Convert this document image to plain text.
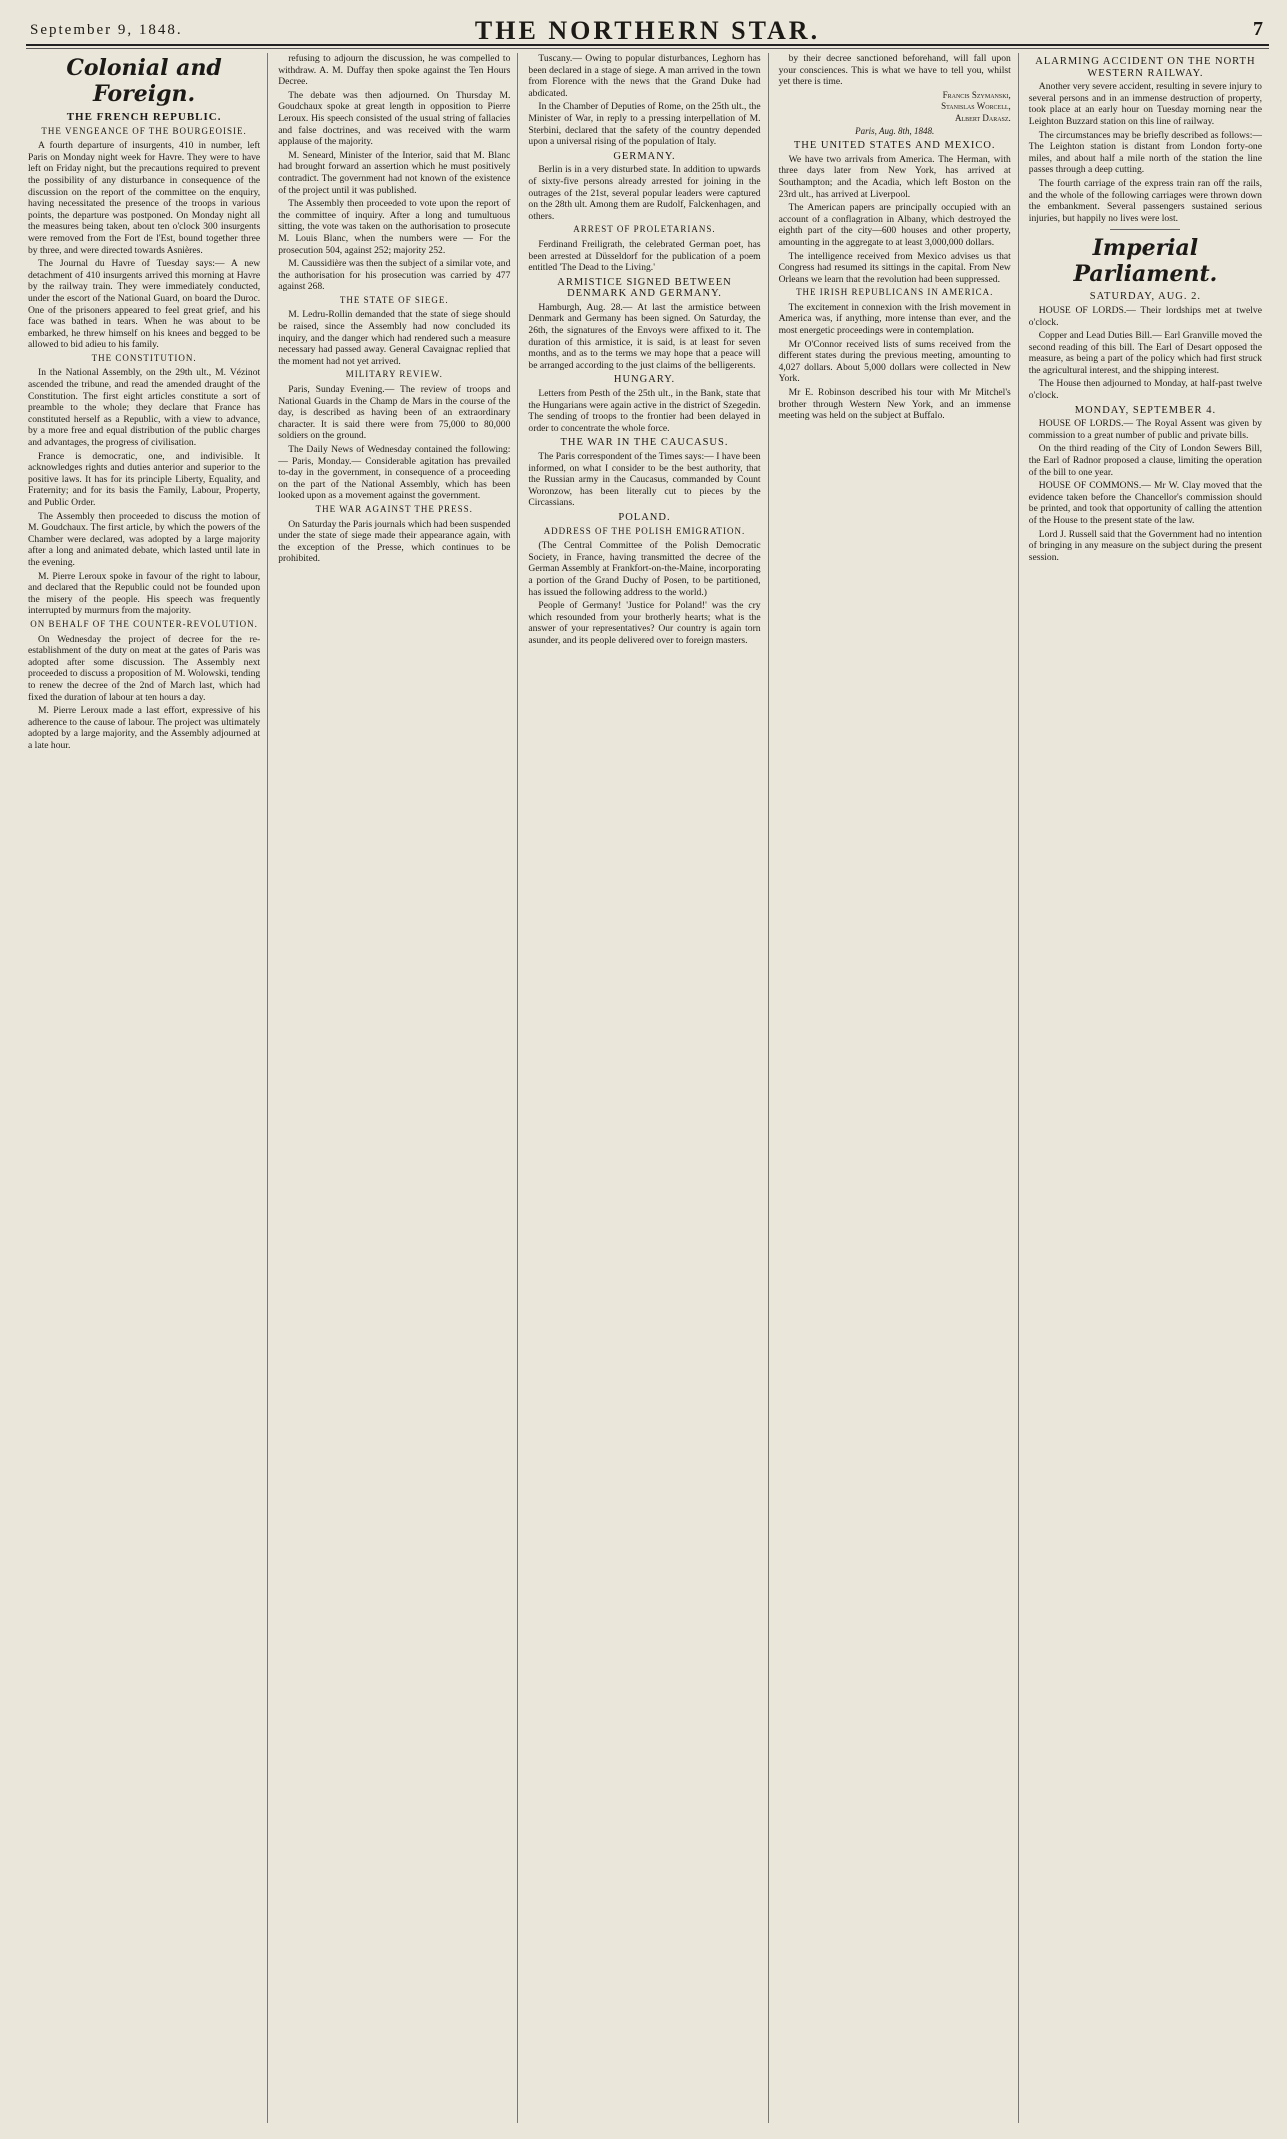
September 9, 1848.	THE NORTHERN STAR.	7
Colonial and Foreign.
THE FRENCH REPUBLIC.
THE VENGEANCE OF THE BOURGEOISIE.

A fourth departure of insurgents, 410 in number, left Paris on Monday night week for Havre. They were to have left on Friday night, but the precautions required to prevent the possibility of any disturbance in consequence of the discussion on the report of the committee on the enquiry, having necessitated the presence of the troops in various points, the departure was postponed. On Monday night all the measures being taken, about ten o'clock 300 insurgents were removed from the Fort de l'Est, bound together three by three, and were directed towards Asnières.

The Journal du Havre of Tuesday says:— A new detachment of 410 insurgents arrived this morning at Havre by the railway train. They were immediately conducted, under the escort of the National Guard, on board the Duroc. One of the prisoners appeared to feel great grief, and his face was bathed in tears. When he was about to be embarked, he threw himself on his knees and begged to be allowed to bid adieu to his family.

THE CONSTITUTION.

In the National Assembly, on the 29th ult., M. Vézinot ascended the tribune, and read the amended draught of the Constitution. The first eight articles constitute a sort of preamble to the whole; they declare that France has constituted herself as a Republic, with a view to advance, by a more free and equal distribution of the public charges and advantages, the progress of civilisation.

France is democratic, one, and indivisible. It acknowledges rights and duties anterior and superior to the positive laws. It has for its principle Liberty, Equality, and Fraternity; and for its basis the Family, Labour, Property, and Public Order.

The Assembly then proceeded to discuss the motion of M. Goudchaux. The first article, by which the powers of the Chamber were declared, was adopted by a large majority after a long and animated debate, which lasted until late in the evening.

M. Pierre Leroux spoke in favour of the right to labour, and declared that the Republic could not be founded upon the misery of the people. His speech was frequently interrupted by murmurs from the majority.

ON BEHALF OF THE COUNTER-REVOLUTION.

On Wednesday the project of decree for the re-establishment of the duty on meat at the gates of Paris was adopted after some discussion. The Assembly next proceeded to discuss a proposition of M. Wolowski, tending to renew the decree of the 2nd of March last, which had fixed the duration of labour at ten hours a day.

M. Pierre Leroux made a last effort, expressive of his adherence to the cause of labour. The project was ultimately adopted by a large majority, and the Assembly adjourned at a late hour.

refusing to adjourn the discussion, he was compelled to withdraw. A. M. Duffay then spoke against the Ten Hours Decree.

The debate was then adjourned. On Thursday M. Goudchaux spoke at great length in opposition to Pierre Leroux. His speech consisted of the usual string of fallacies and false doctrines, and was received with the warm applause of the majority.

M. Seneard, Minister of the Interior, said that M. Blanc had brought forward an assertion which he must positively contradict. The government had not known of the existence of the project until it was published.

The Assembly then proceeded to vote upon the report of the committee of inquiry. After a long and tumultuous sitting, the vote was taken on the authorisation to prosecute M. Louis Blanc, when the numbers were — For the prosecution 504, against 252; majority 252.

M. Caussidière was then the subject of a similar vote, and the authorisation for his prosecution was carried by 477 against 268.

THE STATE OF SIEGE.

M. Ledru-Rollin demanded that the state of siege should be raised, since the Assembly had now concluded its inquiry, and the danger which had rendered such a measure necessary had passed away. General Cavaignac replied that the moment had not yet arrived.

MILITARY REVIEW.

Paris, Sunday Evening.— The review of troops and National Guards in the Champ de Mars in the course of the day, is described as having been of an extraordinary character. It is said there were from 75,000 to 80,000 soldiers on the ground.

The Daily News of Wednesday contained the following:— Paris, Monday.— Considerable agitation has prevailed to-day in the government, in consequence of a proceeding on the part of the National Assembly, which has been looked upon as a movement against the government.

THE WAR AGAINST THE PRESS.

On Saturday the Paris journals which had been suspended under the state of siege made their appearance again, with the exception of the Presse, which continues to be prohibited.

Tuscany.— Owing to popular disturbances, Leghorn has been declared in a stage of siege. A man arrived in the town from Florence with the news that the Grand Duke had abdicated.

In the Chamber of Deputies of Rome, on the 25th ult., the Minister of War, in reply to a pressing interpellation of M. Sterbini, declared that the safety of the country depended upon a universal rising of the population of Italy.

GERMANY.

Berlin is in a very disturbed state. In addition to upwards of sixty-five persons already arrested for joining in the outrages of the 21st, several popular leaders were captured on the 28th ult. Among them are Rudolf, Falckenhagen, and others.

ARREST OF PROLETARIANS.

Ferdinand Freiligrath, the celebrated German poet, has been arrested at Düsseldorf for the publication of a poem entitled 'The Dead to the Living.'

ARMISTICE SIGNED BETWEEN DENMARK AND GERMANY.

Hamburgh, Aug. 28.— At last the armistice between Denmark and Germany has been signed. On Saturday, the 26th, the signatures of the Envoys were affixed to it. The duration of this armistice, it is said, is at least for seven months, and as to the terms we may hope that a peace will be arranged according to the just claims of the belligerents.

HUNGARY.

Letters from Pesth of the 25th ult., in the Bank, state that the Hungarians were again active in the district of Szegedin. The sending of troops to the frontier had been delayed in order to concentrate the whole force.

THE WAR IN THE CAUCASUS.

The Paris correspondent of the Times says:— I have been informed, on what I consider to be the best authority, that the Russian army in the Caucasus, commanded by Count Woronzow, has been literally cut to pieces by the Circassians.

POLAND.
ADDRESS OF THE POLISH EMIGRATION.

(The Central Committee of the Polish Democratic Society, in France, having transmitted the decree of the German Assembly at Frankfort-on-the-Maine, incorporating a portion of the Grand Duchy of Posen, to be partitioned, has issued the following address to the world.)

People of Germany! 'Justice for Poland!' was the cry which resounded from your brotherly hearts; what is the answer of your representatives? Our country is again torn asunder, and its people delivered over to foreign masters.

by their decree sanctioned beforehand, will fall upon your consciences. This is what we have to tell you, whilst yet there is time.

Francis Szymanski,
Stanislas Worcell,
Albert Darasz.
Paris, Aug. 8th, 1848.
THE UNITED STATES AND MEXICO.

We have two arrivals from America. The Herman, with three days later from New York, has arrived at Southampton; and the Acadia, which left Boston on the 23rd ult., has arrived at Liverpool.

The American papers are principally occupied with an account of a conflagration in Albany, which destroyed the eighth part of the city—600 houses and other property, amounting in the aggregate to at least 3,000,000 dollars.

The intelligence received from Mexico advises us that Congress had resumed its sittings in the capital. From New Orleans we learn that the revolution had been suppressed.

THE IRISH REPUBLICANS IN AMERICA.

The excitement in connexion with the Irish movement in America was, if anything, more intense than ever, and the most energetic proceedings were in contemplation.

Mr O'Connor received lists of sums received from the different states during the previous meeting, amounting to 4,027 dollars. About 5,000 dollars were collected in New York.

Mr E. Robinson described his tour with Mr Mitchel's brother through Western New York, and an immense meeting was held on the subject at Buffalo.

ALARMING ACCIDENT ON THE NORTH WESTERN RAILWAY.

Another very severe accident, resulting in severe injury to several persons and in an immense destruction of property, took place at an early hour on Tuesday morning near the Leighton Buzzard station on this line of railway.

The circumstances may be briefly described as follows:— The Leighton station is distant from London forty-one miles, and about half a mile north of the station the line passes through a deep cutting.

The fourth carriage of the express train ran off the rails, and the whole of the following carriages were thrown down the embankment. Several passengers sustained serious injuries, but happily no lives were lost.

Imperial Parliament.
SATURDAY, AUG. 2.

HOUSE OF LORDS.— Their lordships met at twelve o'clock.

Copper and Lead Duties Bill.— Earl Granville moved the second reading of this bill. The Earl of Desart opposed the measure, as being a part of the policy which had first struck the agricultural interest, and the shipping interest.

The House then adjourned to Monday, at half-past twelve o'clock.

MONDAY, SEPTEMBER 4.

HOUSE OF LORDS.— The Royal Assent was given by commission to a great number of public and private bills.

On the third reading of the City of London Sewers Bill, the Earl of Radnor proposed a clause, limiting the operation of the bill to one year.

HOUSE OF COMMONS.— Mr W. Clay moved that the evidence taken before the Chancellor's commission should be printed, and took that opportunity of calling the attention of the House to the present state of the law.

Lord J. Russell said that the Government had no intention of bringing in any measure on the subject during the present session.
